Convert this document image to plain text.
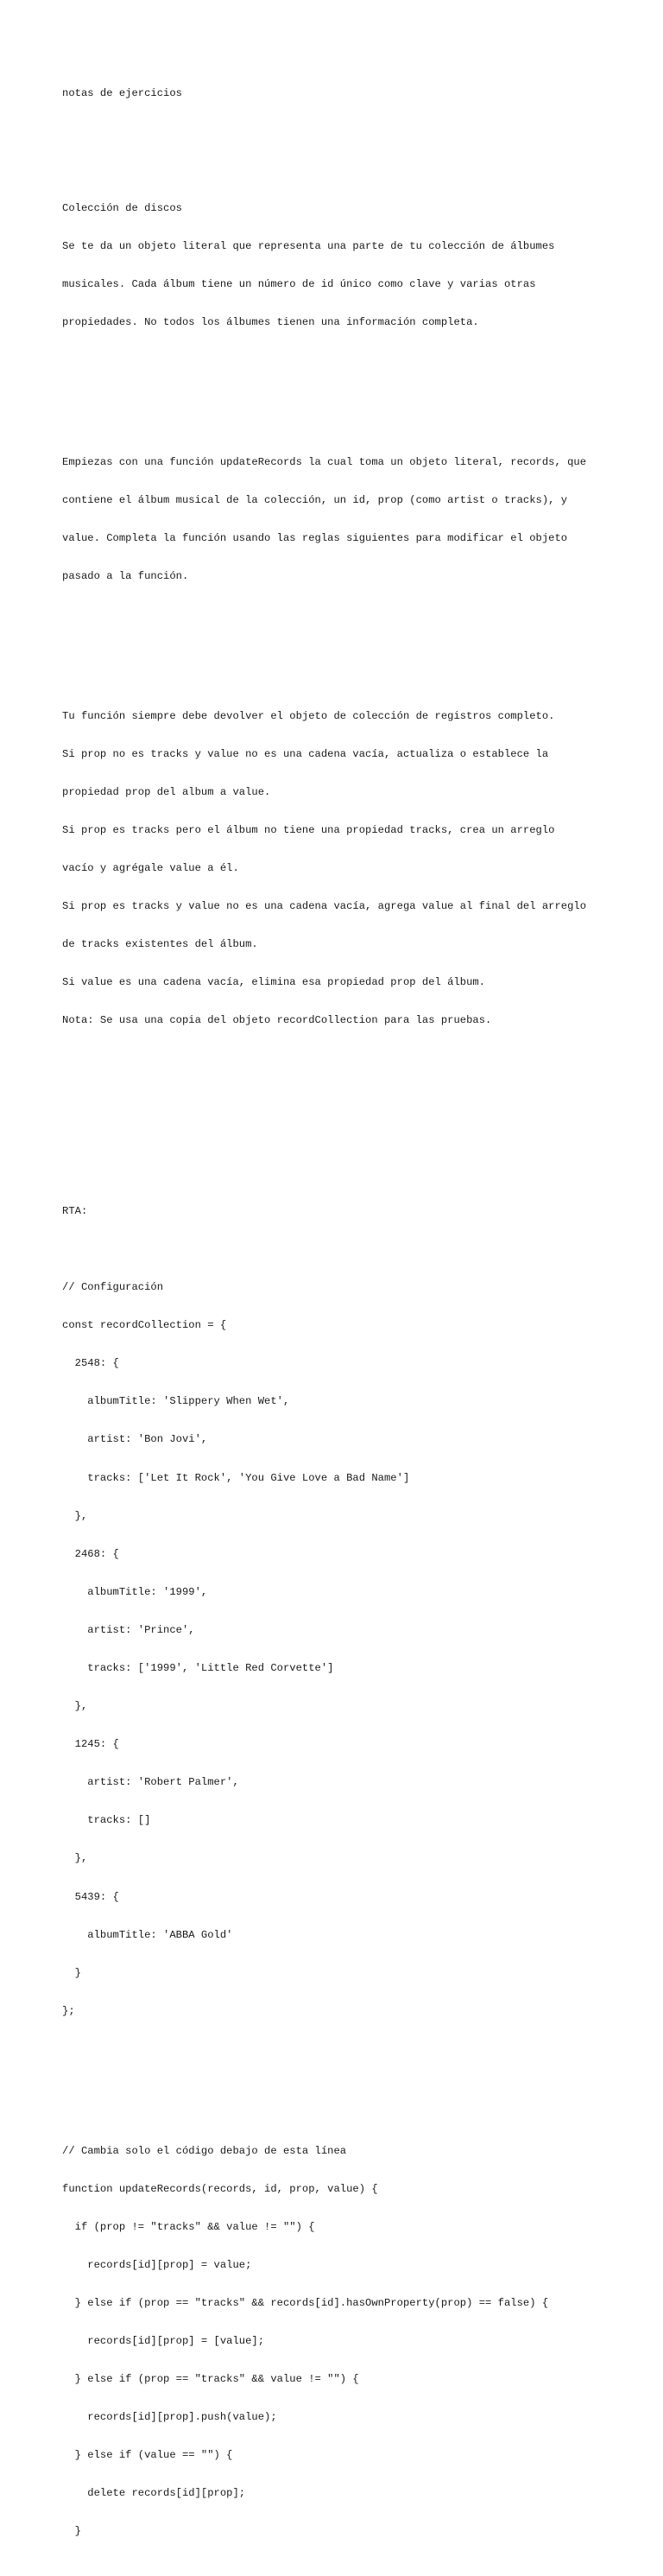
notas de ejercicios

Colección de discos

Se te da un objeto literal que representa una parte de tu colección de álbumes

musicales. Cada álbum tiene un número de id único como clave y varias otras

propiedades. No todos los álbumes tienen una información completa.

Empiezas con una función updateRecords la cual toma un objeto literal, records, que

contiene el álbum musical de la colección, un id, prop (como artist o tracks), y

value. Completa la función usando las reglas siguientes para modificar el objeto

pasado a la función.

Tu función siempre debe devolver el objeto de colección de registros completo.

Si prop no es tracks y value no es una cadena vacía, actualiza o establece la

propiedad prop del album a value.

Si prop es tracks pero el álbum no tiene una propiedad tracks, crea un arreglo

vacío y agrégale value a él.

Si prop es tracks y value no es una cadena vacía, agrega value al final del arreglo

de tracks existentes del álbum.

Si value es una cadena vacía, elimina esa propiedad prop del álbum.

Nota: Se usa una copia del objeto recordCollection para las pruebas.

RTA:

// Configuración

const recordCollection = {

2548: {

albumTitle: 'Slippery When Wet',

artist: 'Bon Jovi',

tracks: ['Let It Rock', 'You Give Love a Bad Name']

},

2468: {

albumTitle: '1999',

artist: 'Prince',

tracks: ['1999', 'Little Red Corvette']

},

1245: {

artist: 'Robert Palmer',

tracks: []

},

5439: {

albumTitle: 'ABBA Gold'

}

};

// Cambia solo el código debajo de esta línea

function updateRecords(records, id, prop, value) {

if (prop != "tracks" && value != "") {

records[id][prop] = value;

} else if (prop == "tracks" && records[id].hasOwnProperty(prop) == false) {

records[id][prop] = [value];

} else if (prop == "tracks" && value != "") {

records[id][prop].push(value);

} else if (value == "") {

delete records[id][prop];

}
